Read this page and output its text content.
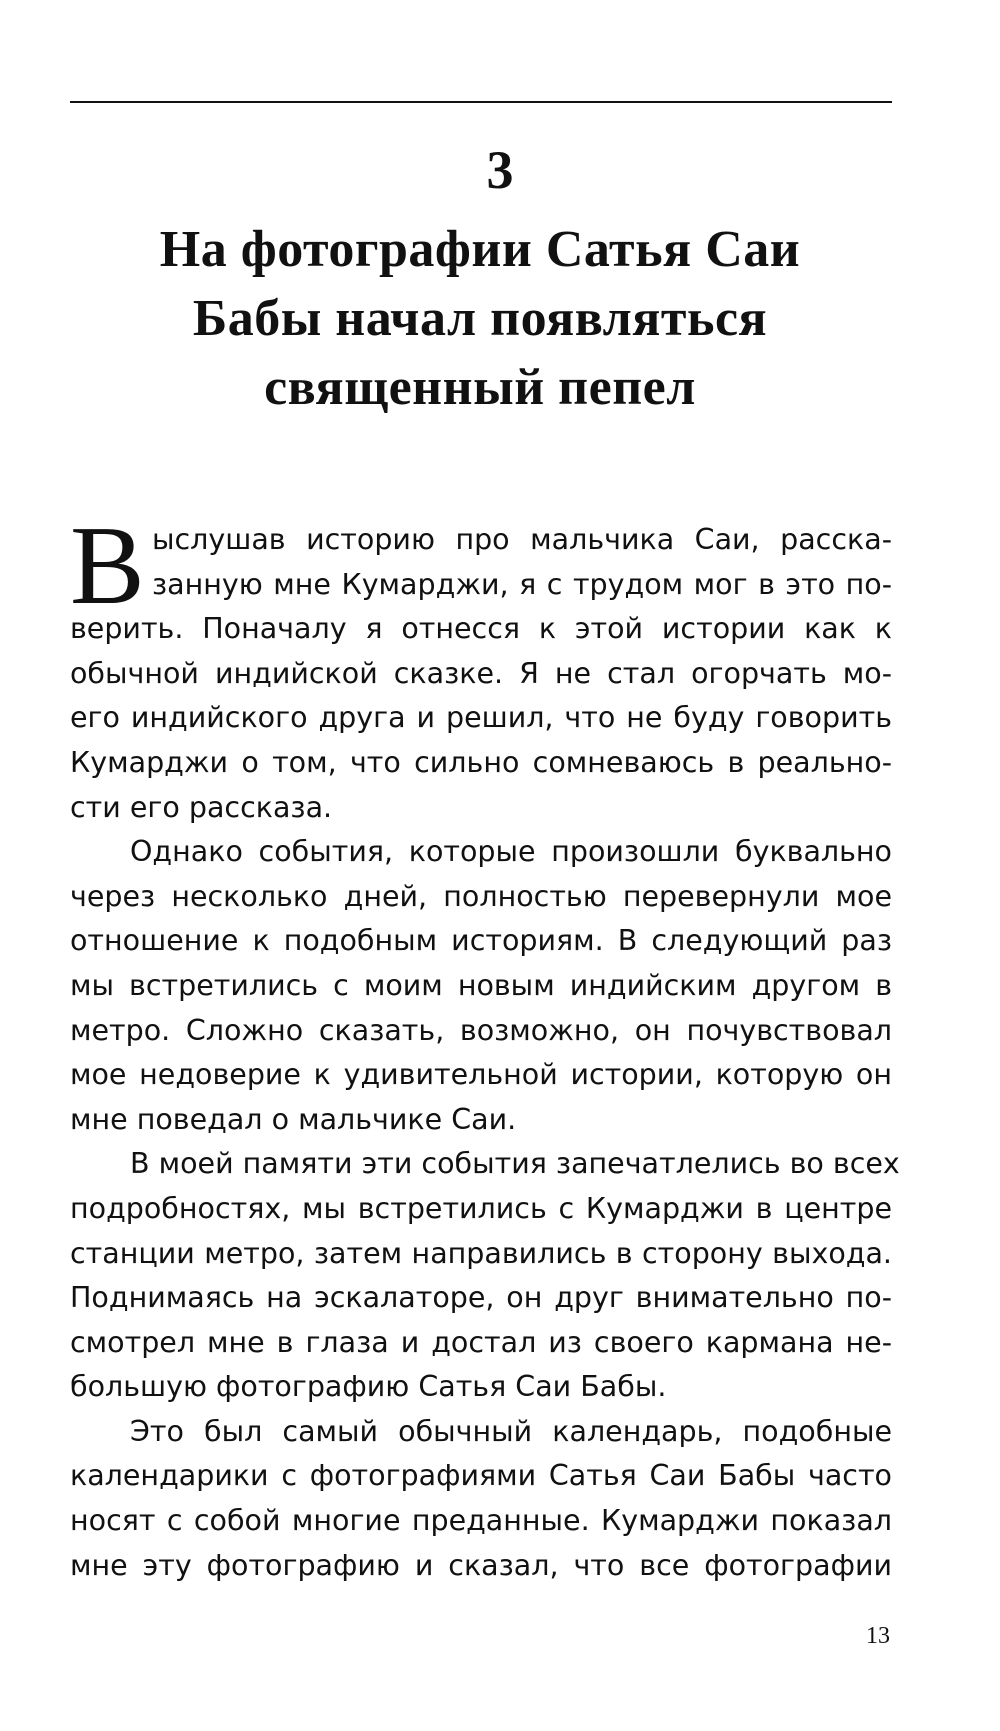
3
На фотографии Сатья Саи
Бабы начал появляться
священный пепел
В ыслушав историю про мальчика Саи, расска-
занную мне Кумарджи, я с трудом мог в это по-
верить. Поначалу я отнесся к этой истории как к
обычной индийской сказке. Я не стал огорчать мо-
его индийского друга и решил, что не буду говорить
Кумарджи о том, что сильно сомневаюсь в реально-
сти его рассказа.
Однако события, которые произошли буквально
через несколько дней, полностью перевернули мое
отношение к подобным историям. В следующий раз
мы встретились с моим новым индийским другом в
метро. Сложно сказать, возможно, он почувствовал
мое недоверие к удивительной истории, которую он
мне поведал о мальчике Саи.
В моей памяти эти события запечатлелись во всех
подробностях, мы встретились с Кумарджи в центре
станции метро, затем направились в сторону выхода.
Поднимаясь на эскалаторе, он друг внимательно по-
смотрел мне в глаза и достал из своего кармана не-
большую фотографию Сатья Саи Бабы.
Это был самый обычный календарь, подобные
календарики с фотографиями Сатья Саи Бабы часто
носят с собой многие преданные. Кумарджи показал
мне эту фотографию и сказал, что все фотографии
13
